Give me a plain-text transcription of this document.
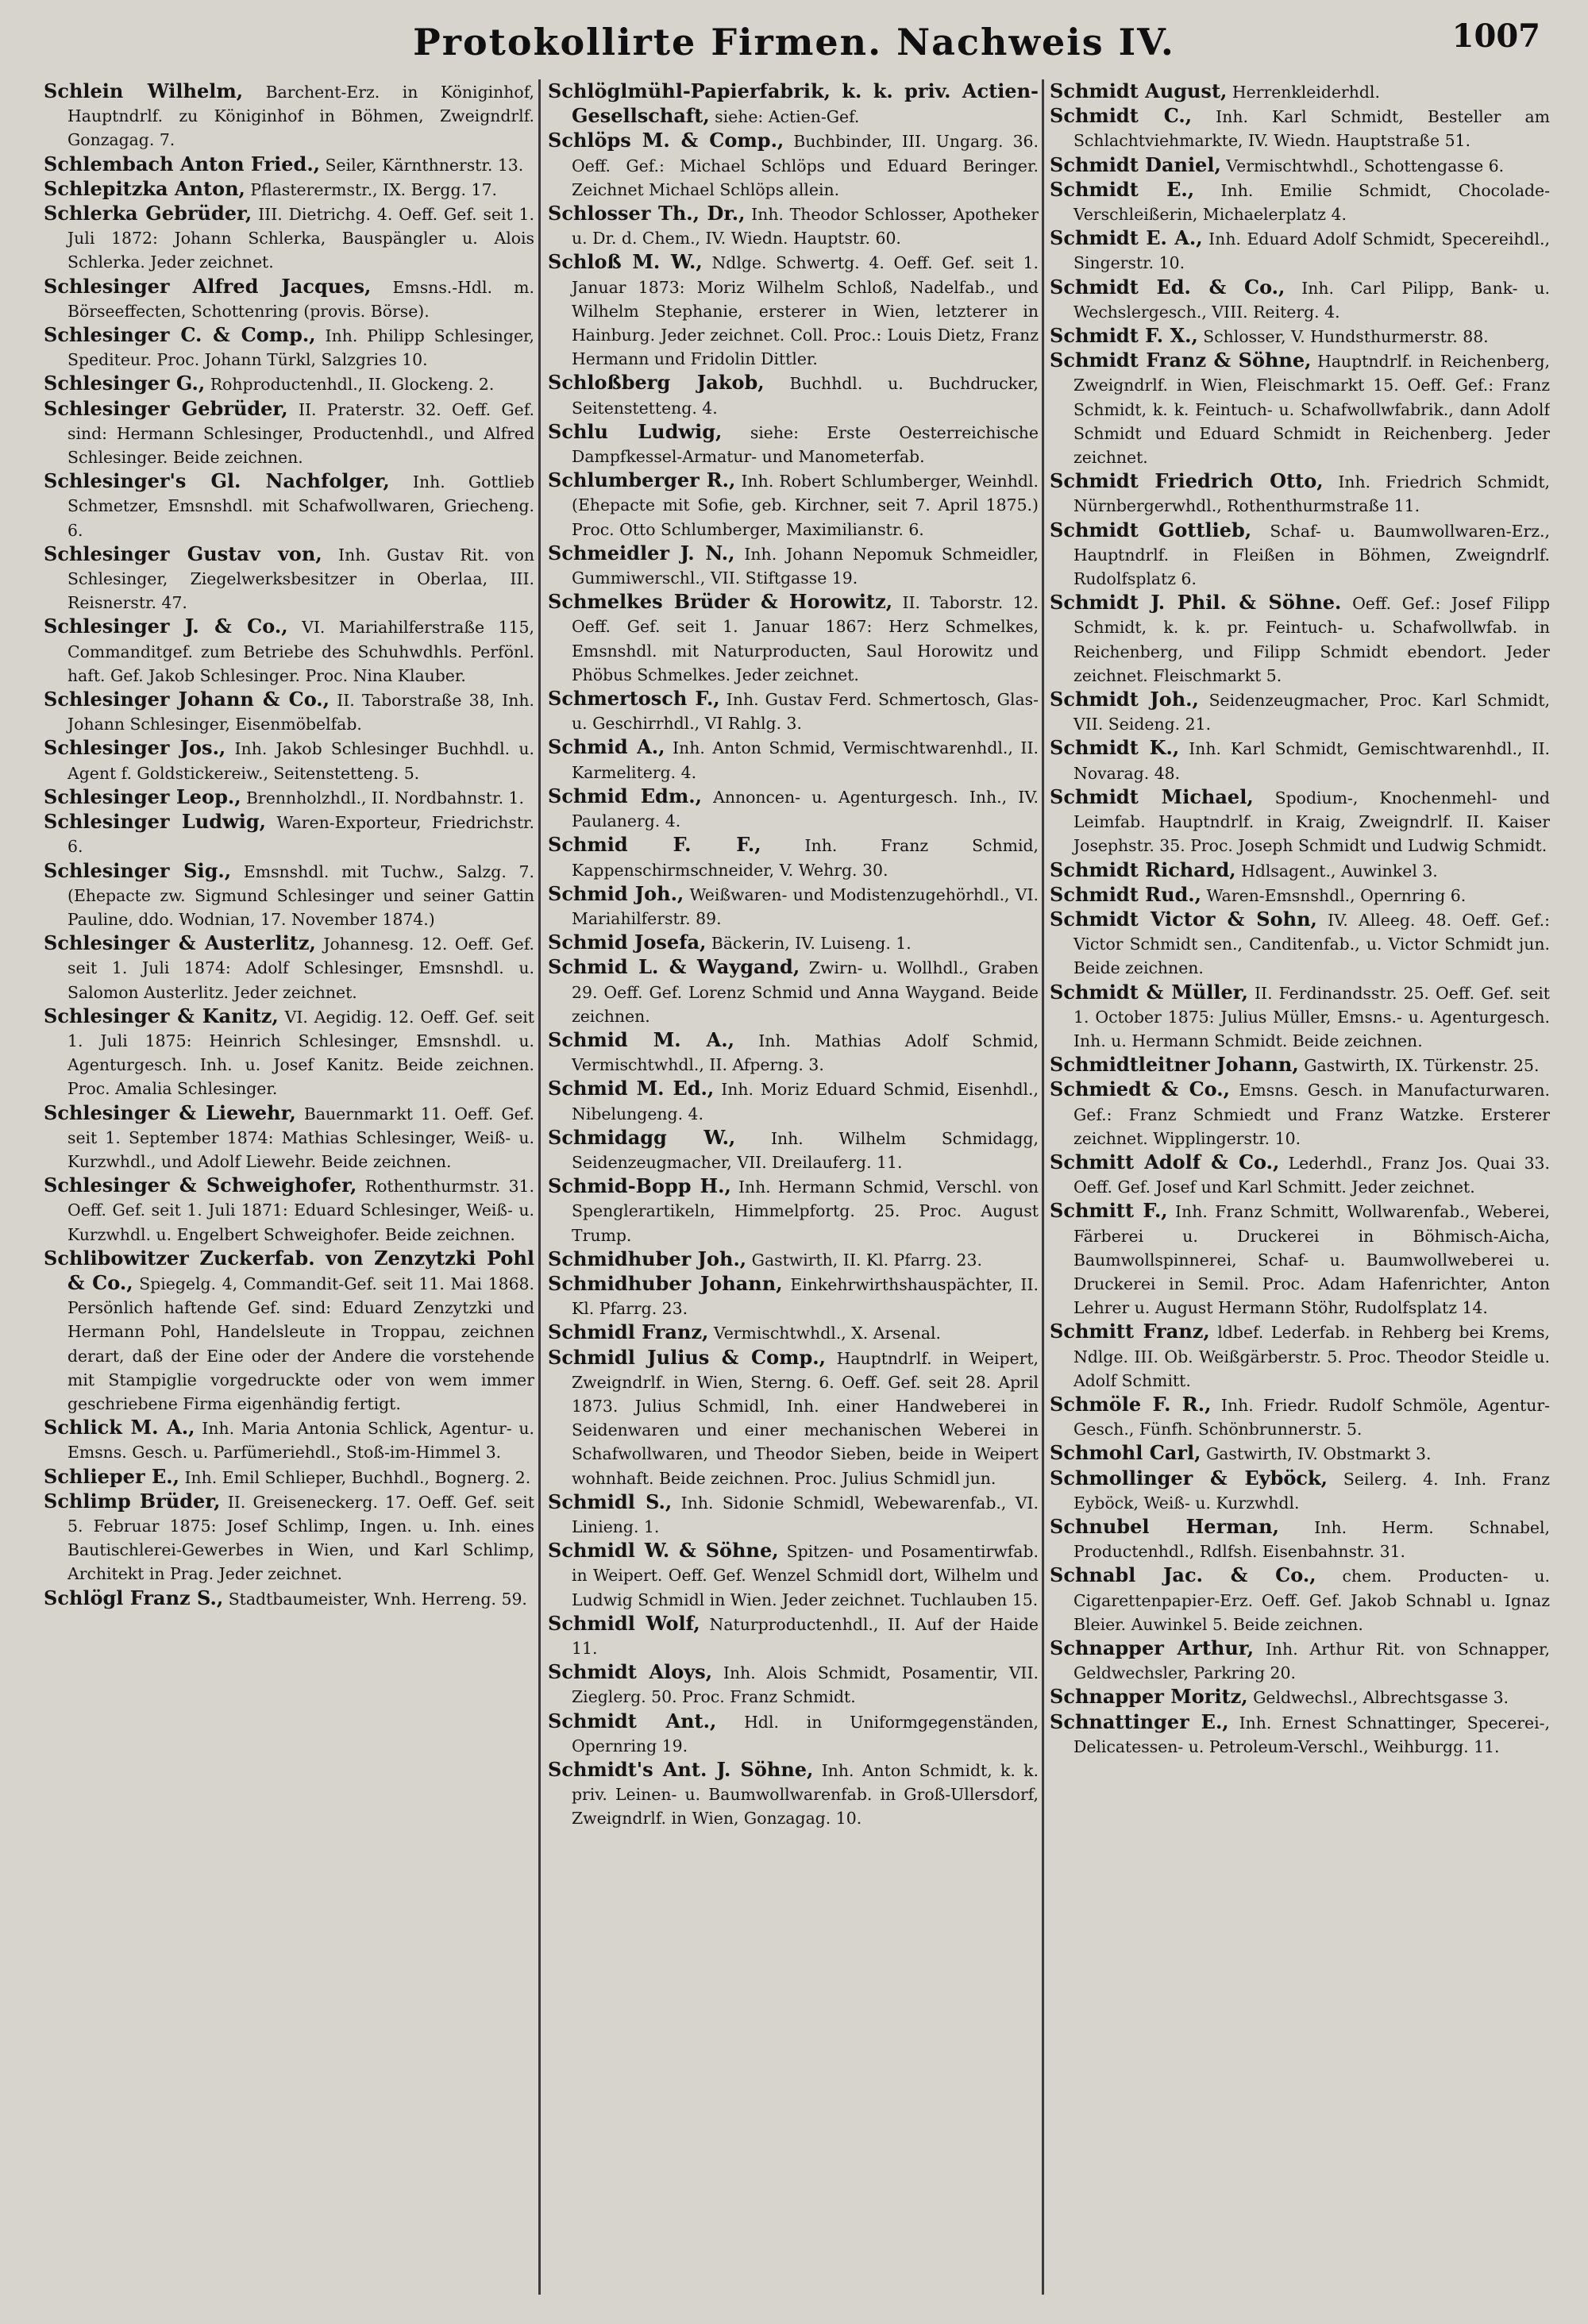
Protokollirte Firmen. Nachweis IV.	1007

Schlein Wilhelm, Barchent-Erz. in Königinhof, Hauptndrlf. zu Königinhof in Böhmen, Zweigndrlf. Gonzagag. 7.

Schlembach Anton Fried., Seiler, Kärnthnerstr. 13.

Schlepitzka Anton, Pflasterermstr., IX. Bergg. 17.

Schlerka Gebrüder, III. Dietrichg. 4. Oeff. Gef. seit 1. Juli 1872: Johann Schlerka, Bauspängler u. Alois Schlerka. Jeder zeichnet.

Schlesinger Alfred Jacques, Emsns.-Hdl. m. Börseeffecten, Schottenring (provis. Börse).

Schlesinger C. & Comp., Inh. Philipp Schlesinger, Spediteur. Proc. Johann Türkl, Salzgries 10.

Schlesinger G., Rohproductenhdl., II. Glockeng. 2.

Schlesinger Gebrüder, II. Praterstr. 32. Oeff. Gef. sind: Hermann Schlesinger, Productenhdl., und Alfred Schlesinger. Beide zeichnen.

Schlesinger's Gl. Nachfolger, Inh. Gottlieb Schmetzer, Emsnshdl. mit Schafwollwaren, Griecheng. 6.

Schlesinger Gustav von, Inh. Gustav Rit. von Schlesinger, Ziegelwerksbesitzer in Oberlaa, III. Reisnerstr. 47.

Schlesinger J. & Co., VI. Mariahilferstraße 115, Commanditgef. zum Betriebe des Schuhwdhls. Perfönl. haft. Gef. Jakob Schlesinger. Proc. Nina Klauber.

Schlesinger Johann & Co., II. Taborstraße 38, Inh. Johann Schlesinger, Eisenmöbelfab.

Schlesinger Jos., Inh. Jakob Schlesinger Buchhdl. u. Agent f. Goldstickereiw., Seitenstetteng. 5.

Schlesinger Leop., Brennholzhdl., II. Nordbahnstr. 1.

Schlesinger Ludwig, Waren-Exporteur, Friedrichstr. 6.

Schlesinger Sig., Emsnshdl. mit Tuchw., Salzg. 7. (Ehepacte zw. Sigmund Schlesinger und seiner Gattin Pauline, ddo. Wodnian, 17. November 1874.)

Schlesinger & Austerlitz, Johannesg. 12. Oeff. Gef. seit 1. Juli 1874: Adolf Schlesinger, Emsnshdl. u. Salomon Austerlitz. Jeder zeichnet.

Schlesinger & Kanitz, VI. Aegidig. 12. Oeff. Gef. seit 1. Juli 1875: Heinrich Schlesinger, Emsnshdl. u. Agenturgesch. Inh. u. Josef Kanitz. Beide zeichnen. Proc. Amalia Schlesinger.

Schlesinger & Liewehr, Bauernmarkt 11. Oeff. Gef. seit 1. September 1874: Mathias Schlesinger, Weiß- u. Kurzwhdl., und Adolf Liewehr. Beide zeichnen.

Schlesinger & Schweighofer, Rothenthurmstr. 31. Oeff. Gef. seit 1. Juli 1871: Eduard Schlesinger, Weiß- u. Kurzwhdl. u. Engelbert Schweighofer. Beide zeichnen.

Schlibowitzer Zuckerfab. von Zenzytzki Pohl & Co., Spiegelg. 4, Commandit-Gef. seit 11. Mai 1868. Persönlich haftende Gef. sind: Eduard Zenzytzki und Hermann Pohl, Handelsleute in Troppau, zeichnen derart, daß der Eine oder der Andere die vorstehende mit Stampiglie vorgedruckte oder von wem immer geschriebene Firma eigenhändig fertigt.

Schlick M. A., Inh. Maria Antonia Schlick, Agentur- u. Emsns. Gesch. u. Parfümeriehdl., Stoß-im-Himmel 3.

Schlieper E., Inh. Emil Schlieper, Buchhdl., Bognerg. 2.

Schlimp Brüder, II. Greiseneckerg. 17. Oeff. Gef. seit 5. Februar 1875: Josef Schlimp, Ingen. u. Inh. eines Bautischlerei-Gewerbes in Wien, und Karl Schlimp, Architekt in Prag. Jeder zeichnet.

Schlögl Franz S., Stadtbaumeister, Wnh. Herreng. 59.

Schlöglmühl-Papierfabrik, k. k. priv. Actien-Gesellschaft, siehe: Actien-Gef.

Schlöps M. & Comp., Buchbinder, III. Ungarg. 36. Oeff. Gef.: Michael Schlöps und Eduard Beringer. Zeichnet Michael Schlöps allein.

Schlosser Th., Dr., Inh. Theodor Schlosser, Apotheker u. Dr. d. Chem., IV. Wiedn. Hauptstr. 60.

Schloß M. W., Ndlge. Schwertg. 4. Oeff. Gef. seit 1. Januar 1873: Moriz Wilhelm Schloß, Nadelfab., und Wilhelm Stephanie, ersterer in Wien, letzterer in Hainburg. Jeder zeichnet. Coll. Proc.: Louis Dietz, Franz Hermann und Fridolin Dittler.

Schloßberg Jakob, Buchhdl. u. Buchdrucker, Seitenstetteng. 4.

Schlu Ludwig, siehe: Erste Oesterreichische Dampfkessel-Armatur- und Manometerfab.

Schlumberger R., Inh. Robert Schlumberger, Weinhdl. (Ehepacte mit Sofie, geb. Kirchner, seit 7. April 1875.) Proc. Otto Schlumberger, Maximilianstr. 6.

Schmeidler J. N., Inh. Johann Nepomuk Schmeidler, Gummiwerschl., VII. Stiftgasse 19.

Schmelkes Brüder & Horowitz, II. Taborstr. 12. Oeff. Gef. seit 1. Januar 1867: Herz Schmelkes, Emsnshdl. mit Naturproducten, Saul Horowitz und Phöbus Schmelkes. Jeder zeichnet.

Schmertosch F., Inh. Gustav Ferd. Schmertosch, Glas- u. Geschirrhdl., VI Rahlg. 3.

Schmid A., Inh. Anton Schmid, Vermischtwarenhdl., II. Karmeliterg. 4.

Schmid Edm., Annoncen- u. Agenturgesch. Inh., IV. Paulanerg. 4.

Schmid F. F.,	Inh. Franz Schmid, Kappenschirmschneider, V. Wehrg. 30.

Schmid Joh., Weißwaren- und Modistenzugehörhdl., VI. Mariahilferstr. 89.

Schmid Josefa, Bäckerin, IV. Luiseng. 1.

Schmid L. & Waygand, Zwirn- u. Wollhdl., Graben 29. Oeff. Gef. Lorenz Schmid und Anna Waygand. Beide zeichnen.

Schmid M. A., Inh. Mathias Adolf Schmid, Vermischtwhdl., II. Afperng. 3.

Schmid M. Ed., Inh. Moriz Eduard Schmid, Eisenhdl., Nibelungeng. 4.

Schmidagg W., Inh. Wilhelm Schmidagg, Seidenzeugmacher, VII. Dreilauferg. 11.

Schmid-Bopp H., Inh. Hermann Schmid, Verschl. von Spenglerartikeln, Himmelpfortg. 25. Proc. August Trump.

Schmidhuber Joh., Gastwirth, II. Kl. Pfarrg. 23.

Schmidhuber Johann, Einkehrwirthshauspächter, II. Kl. Pfarrg. 23.

Schmidl Franz, Vermischtwhdl., X. Arsenal.

Schmidl Julius & Comp., Hauptndrlf. in Weipert, Zweigndrlf. in Wien, Sterng. 6. Oeff. Gef. seit 28. April 1873. Julius Schmidl, Inh. einer Handweberei in Seidenwaren und einer mechanischen Weberei in Schafwollwaren, und Theodor Sieben, beide in Weipert wohnhaft. Beide zeichnen. Proc. Julius Schmidl jun.

Schmidl S., Inh. Sidonie Schmidl, Webewarenfab., VI. Linieng. 1.

Schmidl W. & Söhne, Spitzen- und Posamentirwfab. in Weipert. Oeff. Gef. Wenzel Schmidl dort, Wilhelm und Ludwig Schmidl in Wien. Jeder zeichnet. Tuchlauben 15.

Schmidl Wolf, Naturproductenhdl., II. Auf der Haide 11.

Schmidt Aloys, Inh. Alois Schmidt, Posamentir, VII. Zieglerg. 50. Proc. Franz Schmidt.

Schmidt Ant., Hdl. in Uniformgegenständen, Opernring 19.

Schmidt's Ant. J. Söhne, Inh. Anton Schmidt, k. k. priv. Leinen- u. Baumwollwarenfab. in Groß-Ullersdorf, Zweigndrlf. in Wien, Gonzagag. 10.

Schmidt August, Herrenkleiderhdl.

Schmidt C., Inh. Karl Schmidt, Besteller am Schlachtviehmarkte, IV. Wiedn. Hauptstraße 51.

Schmidt Daniel, Vermischtwhdl., Schottengasse 6.

Schmidt E., Inh. Emilie Schmidt, Chocolade-Verschleißerin, Michaelerplatz 4.

Schmidt E. A., Inh. Eduard Adolf Schmidt, Specereihdl., Singerstr. 10.

Schmidt Ed. & Co., Inh. Carl Pilipp, Bank- u. Wechslergesch., VIII. Reiterg. 4.

Schmidt F. X., Schlosser, V. Hundsthurmerstr. 88.

Schmidt Franz & Söhne, Hauptndrlf. in Reichenberg, Zweigndrlf. in Wien, Fleischmarkt 15. Oeff. Gef.: Franz Schmidt, k. k. Feintuch- u. Schafwollwfabrik., dann Adolf Schmidt und Eduard Schmidt in Reichenberg. Jeder zeichnet.

Schmidt Friedrich Otto, Inh. Friedrich Schmidt, Nürnbergerwhdl., Rothenthurmstraße 11.

Schmidt Gottlieb, Schaf- u. Baumwollwaren-Erz., Hauptndrlf. in Fleißen in Böhmen, Zweigndrlf. Rudolfsplatz 6.

Schmidt J. Phil. & Söhne. Oeff. Gef.: Josef Filipp Schmidt, k. k. pr. Feintuch- u. Schafwollwfab. in Reichenberg, und Filipp Schmidt ebendort. Jeder zeichnet. Fleischmarkt 5.

Schmidt Joh., Seidenzeugmacher, Proc. Karl Schmidt, VII. Seideng. 21.

Schmidt K., Inh. Karl Schmidt, Gemischtwarenhdl., II. Novarag. 48.

Schmidt Michael, Spodium-, Knochenmehl- und Leimfab. Hauptndrlf. in Kraig, Zweigndrlf. II. Kaiser Josephstr. 35. Proc. Joseph Schmidt und Ludwig Schmidt.

Schmidt Richard, Hdlsagent., Auwinkel 3.

Schmidt Rud., Waren-Emsnshdl., Opernring 6.

Schmidt Victor & Sohn, IV. Alleeg. 48. Oeff. Gef.: Victor Schmidt sen., Canditenfab., u. Victor Schmidt jun. Beide zeichnen.

Schmidt & Müller, II. Ferdinandsstr. 25. Oeff. Gef. seit 1. October 1875: Julius Müller, Emsns.- u. Agenturgesch. Inh. u. Hermann Schmidt. Beide zeichnen.

Schmidtleitner Johann, Gastwirth, IX. Türkenstr. 25.

Schmiedt & Co., Emsns. Gesch. in Manufacturwaren. Gef.: Franz Schmiedt und Franz Watzke. Ersterer zeichnet. Wipplingerstr. 10.

Schmitt Adolf & Co., Lederhdl., Franz Jos. Quai 33. Oeff. Gef. Josef und Karl Schmitt. Jeder zeichnet.

Schmitt F., Inh. Franz Schmitt, Wollwarenfab., Weberei, Färberei u. Druckerei in Böhmisch-Aicha, Baumwollspinnerei, Schaf- u. Baumwollweberei u. Druckerei in Semil. Proc. Adam Hafenrichter, Anton Lehrer u. August Hermann Stöhr, Rudolfsplatz 14.

Schmitt Franz, ldbef. Lederfab. in Rehberg bei Krems, Ndlge. III. Ob. Weißgärberstr. 5. Proc. Theodor Steidle u. Adolf Schmitt.

Schmöle F. R., Inh. Friedr. Rudolf Schmöle, Agentur-Gesch., Fünfh. Schönbrunnerstr. 5.

Schmohl Carl, Gastwirth, IV. Obstmarkt 3.

Schmollinger & Eyböck, Seilerg. 4. Inh. Franz Eyböck, Weiß- u. Kurzwhdl.

Schnubel Herman, Inh. Herm. Schnabel, Productenhdl., Rdlfsh. Eisenbahnstr. 31.

Schnabl Jac. & Co., chem. Producten- u. Cigarettenpapier-Erz. Oeff. Gef. Jakob Schnabl u. Ignaz Bleier. Auwinkel 5. Beide zeichnen.

Schnapper Arthur, Inh. Arthur Rit. von Schnapper, Geldwechsler, Parkring 20.

Schnapper Moritz, Geldwechsl., Albrechtsgasse 3.

Schnattinger E., Inh. Ernest Schnattinger, Specerei-, Delicatessen- u. Petroleum-Verschl., Weihburgg. 11.
